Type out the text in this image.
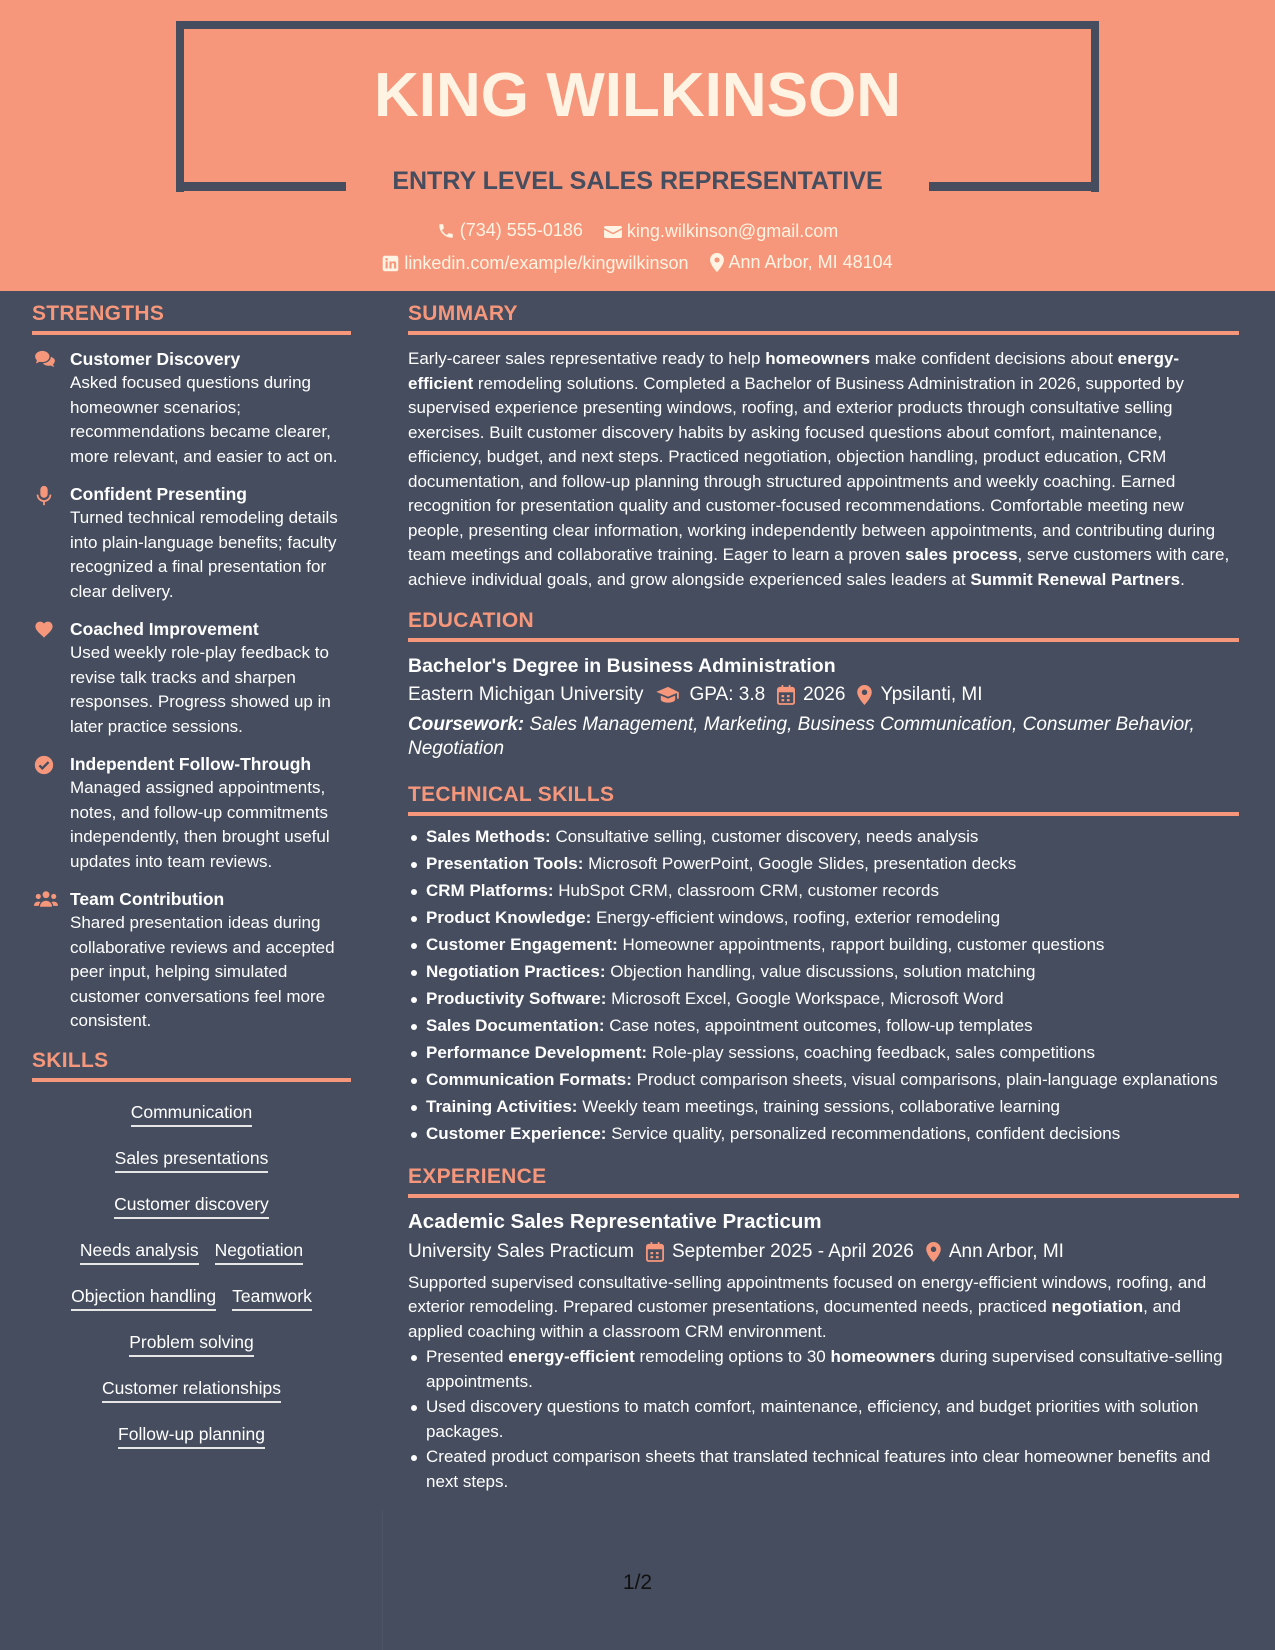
KING WILKINSON
ENTRY LEVEL SALES REPRESENTATIVE
(734) 555-0186
king.wilkinson@gmail.com
linkedin.com/example/kingwilkinson
Ann Arbor, MI 48104
STRENGTHS
Customer Discovery
Asked focused questions during homeowner scenarios; recommendations became clearer, more relevant, and easier to act on.
Confident Presenting
Turned technical remodeling details into plain-language benefits; faculty recognized a final presentation for clear delivery.
Coached Improvement
Used weekly role-play feedback to revise talk tracks and sharpen responses. Progress showed up in later practice sessions.
Independent Follow-Through
Managed assigned appointments, notes, and follow-up commitments independently, then brought useful updates into team reviews.
Team Contribution
Shared presentation ideas during collaborative reviews and accepted peer input, helping simulated customer conversations feel more consistent.
SKILLS
Communication
Sales presentations
Customer discovery
Needs analysis Negotiation
Objection handling Teamwork
Problem solving
Customer relationships
Follow-up planning
SUMMARY
Early-career sales representative ready to help homeowners make confident decisions about energy-efficient remodeling solutions. Completed a Bachelor of Business Administration in 2026, supported by supervised experience presenting windows, roofing, and exterior products through consultative selling exercises. Built customer discovery habits by asking focused questions about comfort, maintenance, efficiency, budget, and next steps. Practiced negotiation, objection handling, product education, CRM documentation, and follow-up planning through structured appointments and weekly coaching. Earned recognition for presentation quality and customer-focused recommendations. Comfortable meeting new people, presenting clear information, working independently between appointments, and contributing during team meetings and collaborative training. Eager to learn a proven sales process, serve customers with care, achieve individual goals, and grow alongside experienced sales leaders at Summit Renewal Partners.
EDUCATION
Bachelor's Degree in Business Administration
Eastern Michigan University GPA: 3.8 2026 Ypsilanti, MI
Coursework: Sales Management, Marketing, Business Communication, Consumer Behavior, Negotiation
TECHNICAL SKILLS
Sales Methods: Consultative selling, customer discovery, needs analysis
Presentation Tools: Microsoft PowerPoint, Google Slides, presentation decks
CRM Platforms: HubSpot CRM, classroom CRM, customer records
Product Knowledge: Energy-efficient windows, roofing, exterior remodeling
Customer Engagement: Homeowner appointments, rapport building, customer questions
Negotiation Practices: Objection handling, value discussions, solution matching
Productivity Software: Microsoft Excel, Google Workspace, Microsoft Word
Sales Documentation: Case notes, appointment outcomes, follow-up templates
Performance Development: Role-play sessions, coaching feedback, sales competitions
Communication Formats: Product comparison sheets, visual comparisons, plain-language explanations
Training Activities: Weekly team meetings, training sessions, collaborative learning
Customer Experience: Service quality, personalized recommendations, confident decisions
EXPERIENCE
Academic Sales Representative Practicum
University Sales Practicum September 2025 - April 2026 Ann Arbor, MI
Supported supervised consultative-selling appointments focused on energy-efficient windows, roofing, and exterior remodeling. Prepared customer presentations, documented needs, practiced negotiation, and applied coaching within a classroom CRM environment.
Presented energy-efficient remodeling options to 30 homeowners during supervised consultative-selling appointments.
Used discovery questions to match comfort, maintenance, efficiency, and budget priorities with solution packages.
Created product comparison sheets that translated technical features into clear homeowner benefits and next steps.
1/2
